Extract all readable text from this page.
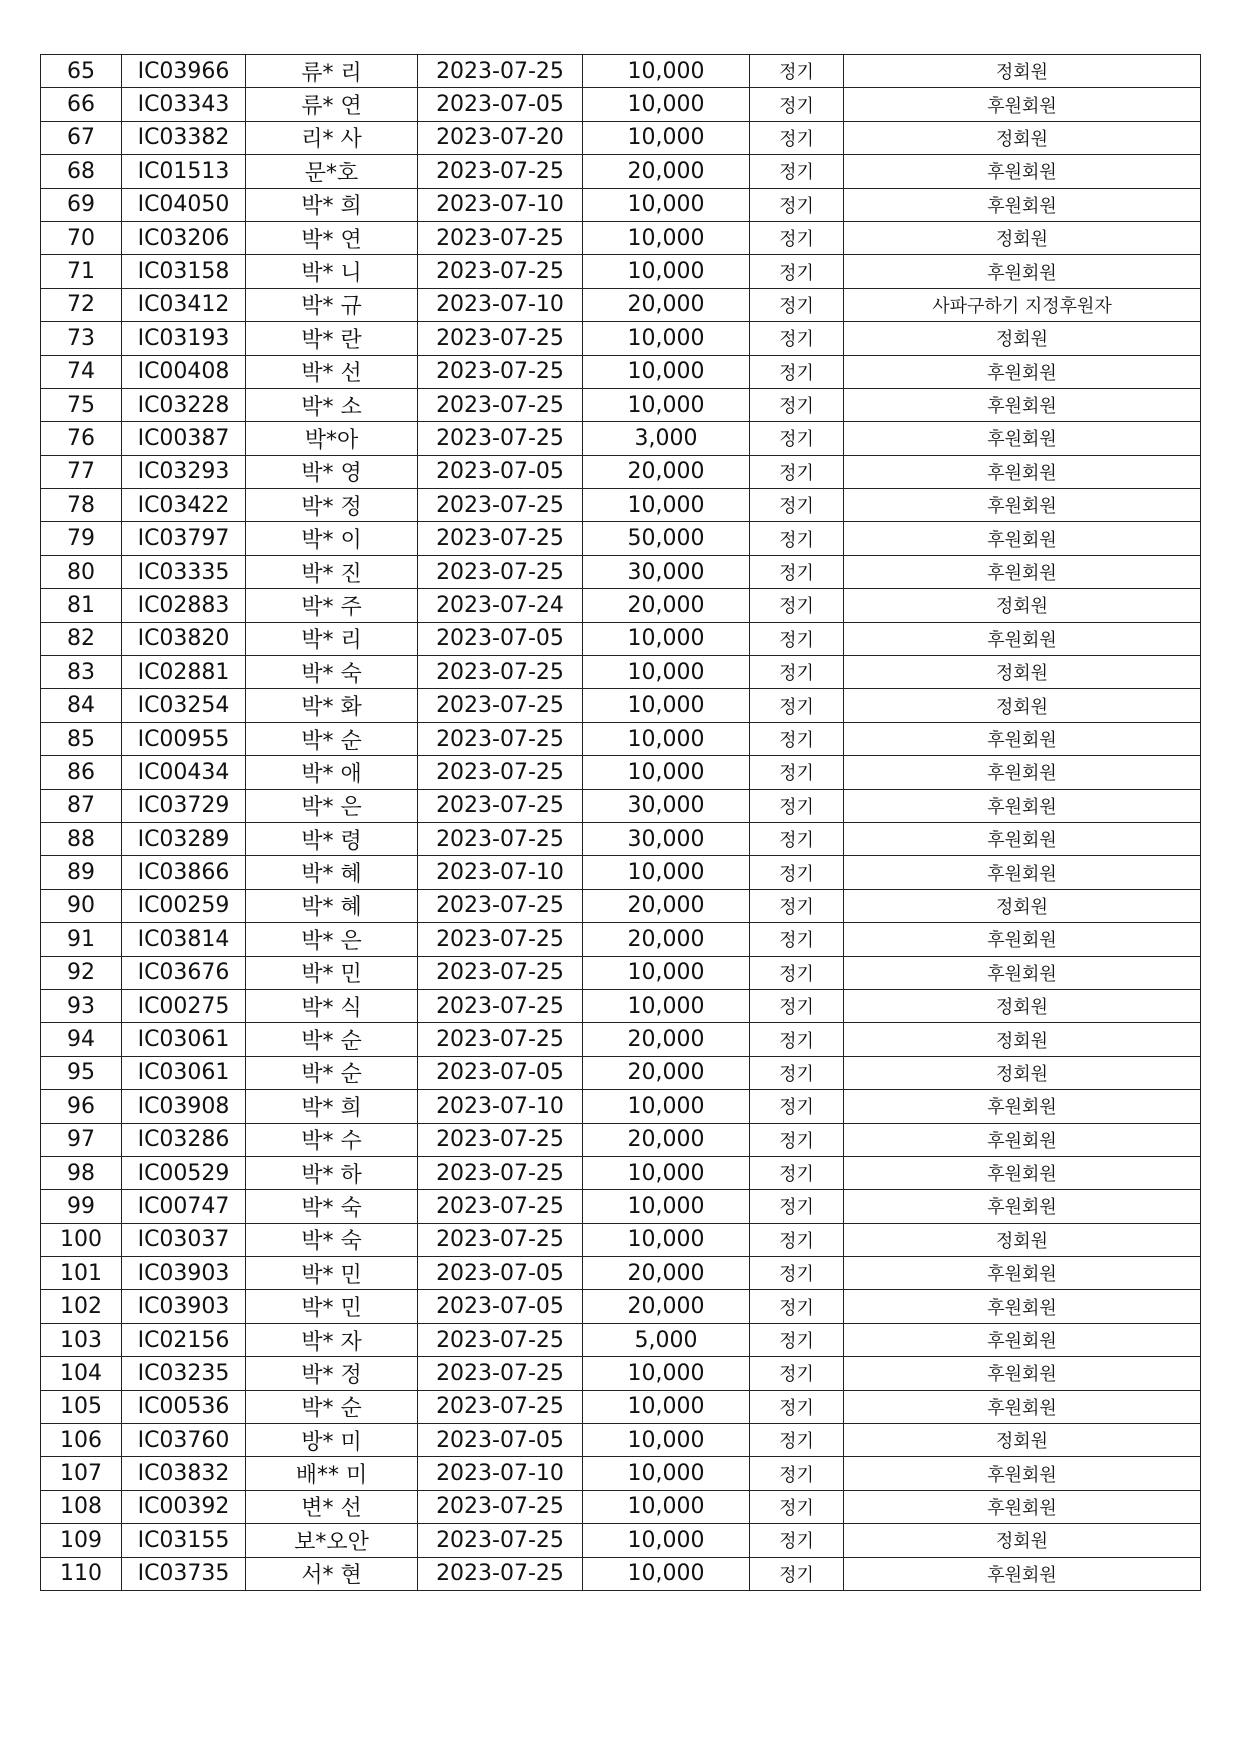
65	IC03966	류* 리	2023-07-25	10,000	정기	정회원
66	IC03343	류* 연	2023-07-05	10,000	정기	후원회원
67	IC03382	리* 사	2023-07-20	10,000	정기	정회원
68	IC01513	문*호	2023-07-25	20,000	정기	후원회원
69	IC04050	박* 희	2023-07-10	10,000	정기	후원회원
70	IC03206	박* 연	2023-07-25	10,000	정기	정회원
71	IC03158	박* 니	2023-07-25	10,000	정기	후원회원
72	IC03412	박* 규	2023-07-10	20,000	정기	사파구하기 지정후원자
73	IC03193	박* 란	2023-07-25	10,000	정기	정회원
74	IC00408	박* 선	2023-07-25	10,000	정기	후원회원
75	IC03228	박* 소	2023-07-25	10,000	정기	후원회원
76	IC00387	박*아	2023-07-25	3,000	정기	후원회원
77	IC03293	박* 영	2023-07-05	20,000	정기	후원회원
78	IC03422	박* 정	2023-07-25	10,000	정기	후원회원
79	IC03797	박* 이	2023-07-25	50,000	정기	후원회원
80	IC03335	박* 진	2023-07-25	30,000	정기	후원회원
81	IC02883	박* 주	2023-07-24	20,000	정기	정회원
82	IC03820	박* 리	2023-07-05	10,000	정기	후원회원
83	IC02881	박* 숙	2023-07-25	10,000	정기	정회원
84	IC03254	박* 화	2023-07-25	10,000	정기	정회원
85	IC00955	박* 순	2023-07-25	10,000	정기	후원회원
86	IC00434	박* 애	2023-07-25	10,000	정기	후원회원
87	IC03729	박* 은	2023-07-25	30,000	정기	후원회원
88	IC03289	박* 령	2023-07-25	30,000	정기	후원회원
89	IC03866	박* 혜	2023-07-10	10,000	정기	후원회원
90	IC00259	박* 혜	2023-07-25	20,000	정기	정회원
91	IC03814	박* 은	2023-07-25	20,000	정기	후원회원
92	IC03676	박* 민	2023-07-25	10,000	정기	후원회원
93	IC00275	박* 식	2023-07-25	10,000	정기	정회원
94	IC03061	박* 순	2023-07-25	20,000	정기	정회원
95	IC03061	박* 순	2023-07-05	20,000	정기	정회원
96	IC03908	박* 희	2023-07-10	10,000	정기	후원회원
97	IC03286	박* 수	2023-07-25	20,000	정기	후원회원
98	IC00529	박* 하	2023-07-25	10,000	정기	후원회원
99	IC00747	박* 숙	2023-07-25	10,000	정기	후원회원
100	IC03037	박* 숙	2023-07-25	10,000	정기	정회원
101	IC03903	박* 민	2023-07-05	20,000	정기	후원회원
102	IC03903	박* 민	2023-07-05	20,000	정기	후원회원
103	IC02156	박* 자	2023-07-25	5,000	정기	후원회원
104	IC03235	박* 정	2023-07-25	10,000	정기	후원회원
105	IC00536	박* 순	2023-07-25	10,000	정기	후원회원
106	IC03760	방* 미	2023-07-05	10,000	정기	정회원
107	IC03832	배** 미	2023-07-10	10,000	정기	후원회원
108	IC00392	변* 선	2023-07-25	10,000	정기	후원회원
109	IC03155	보*오안	2023-07-25	10,000	정기	정회원
110	IC03735	서* 현	2023-07-25	10,000	정기	후원회원
